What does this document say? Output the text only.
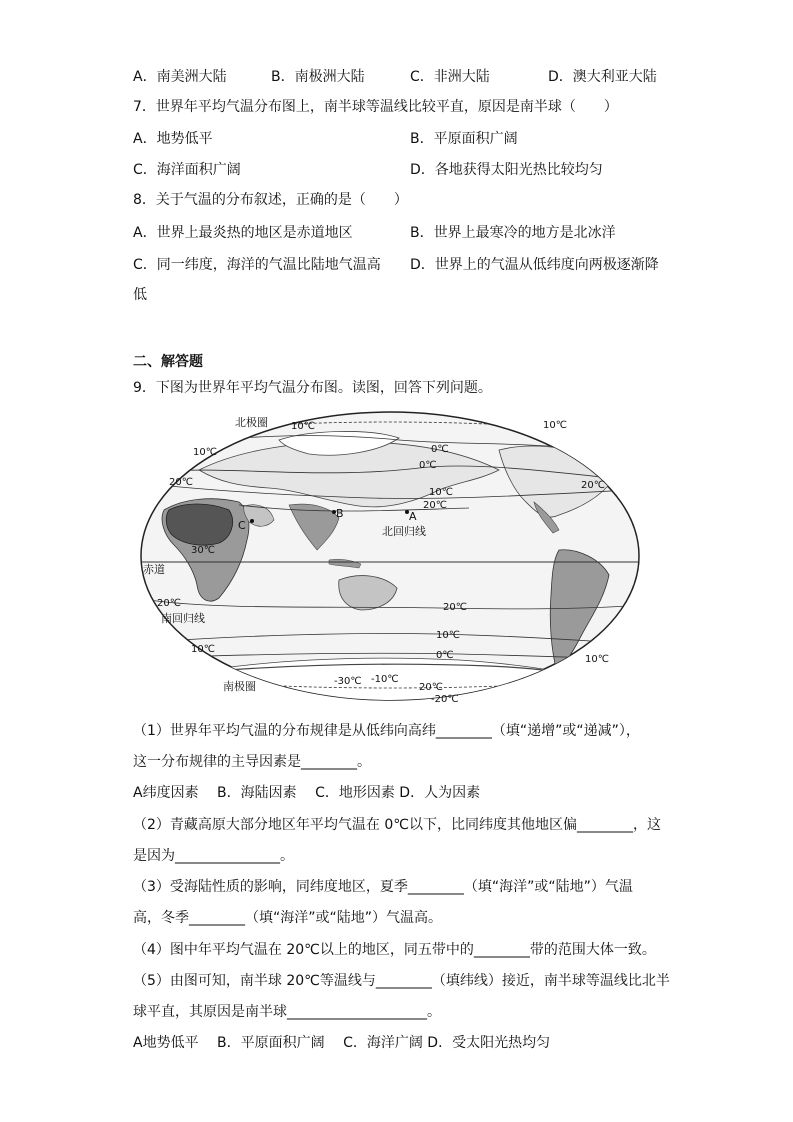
A．南美洲大陆	B．南极洲大陆	C．非洲大陆	D．澳大利亚大陆
7．世界年平均气温分布图上，南半球等温线比较平直，原因是南半球（　　）
A．地势低平	B．平原面积广阔
C．海洋面积广阔	D．各地获得太阳光热比较均匀
8．关于气温的分布叙述，正确的是（　　）
A．世界上最炎热的地区是赤道地区	B．世界上最寒冷的地方是北冰洋
C．同一纬度，海洋的气温比陆地气温高 D．世界上的气温从低纬度向两极逐渐降
低
二、解答题
9．下图为世界年平均气温分布图。读图，回答下列问题。
北极圈
南极圈
赤道
北回归线
南回归线
A
B
C
10℃
10℃	0℃
0℃
10℃
20℃
30℃
20℃
10℃
20℃
20℃	20℃
10℃
0℃
10℃
10℃
-30℃ -10℃
20℃
-20℃
（1）世界年平均气温的分布规律是从低纬向高纬________（填“递增”或“递减”），
这一分布规律的主导因素是________。
A纬度因素　 B．海陆因素　 C．地形因素 D．人为因素
（2）青藏高原大部分地区年平均气温在 0℃以下，比同纬度其他地区偏________，这
是因为_______________。
（3）受海陆性质的影响，同纬度地区，夏季________（填“海洋”或“陆地”）气温
高，冬季________（填“海洋”或“陆地”）气温高。
（4）图中年平均气温在 20℃以上的地区，同五带中的________带的范围大体一致。
（5）由图可知，南半球 20℃等温线与________（填纬线）接近，南半球等温线比北半
球平直，其原因是南半球____________________。
A地势低平　 B．平原面积广阔　 C．海洋广阔 D．受太阳光热均匀
